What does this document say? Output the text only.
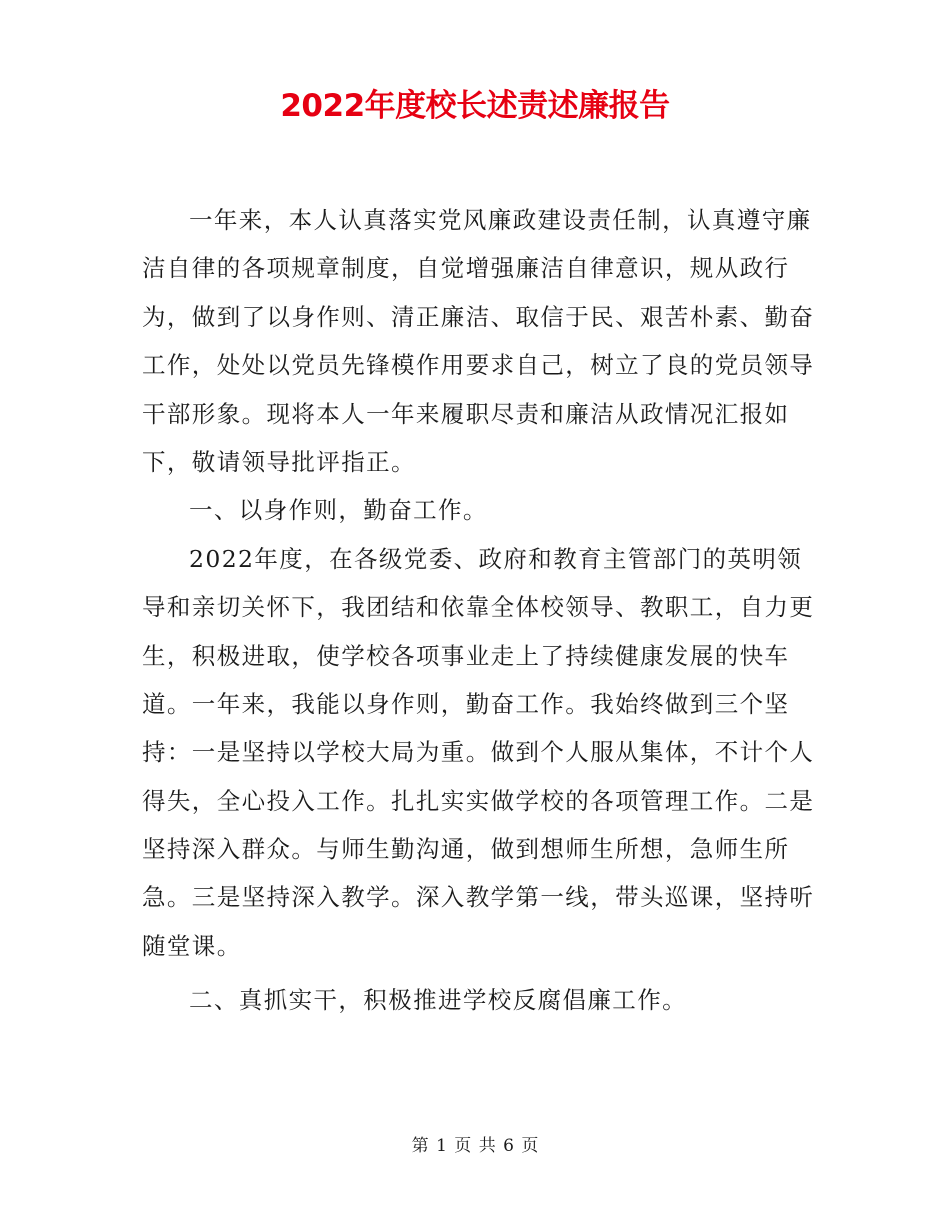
2022年度校长述责述廉报告
一年来，本人认真落实党风廉政建设责任制，认真遵守廉
洁自律的各项规章制度，自觉增强廉洁自律意识，规从政行
为，做到了以身作则、清正廉洁、取信于民、艰苦朴素、勤奋
工作，处处以党员先锋模作用要求自己，树立了良的党员领导
干部形象。现将本人一年来履职尽责和廉洁从政情况汇报如
下，敬请领导批评指正。
一、以身作则，勤奋工作。
2022年度，在各级党委、政府和教育主管部门的英明领
导和亲切关怀下，我团结和依靠全体校领导、教职工，自力更
生，积极进取，使学校各项事业走上了持续健康发展的快车
道。一年来，我能以身作则，勤奋工作。我始终做到三个坚
持：一是坚持以学校大局为重。做到个人服从集体，不计个人
得失，全心投入工作。扎扎实实做学校的各项管理工作。二是
坚持深入群众。与师生勤沟通，做到想师生所想，急师生所
急。三是坚持深入教学。深入教学第一线，带头巡课，坚持听
随堂课。
二、真抓实干，积极推进学校反腐倡廉工作。
第 1 页 共 6 页
